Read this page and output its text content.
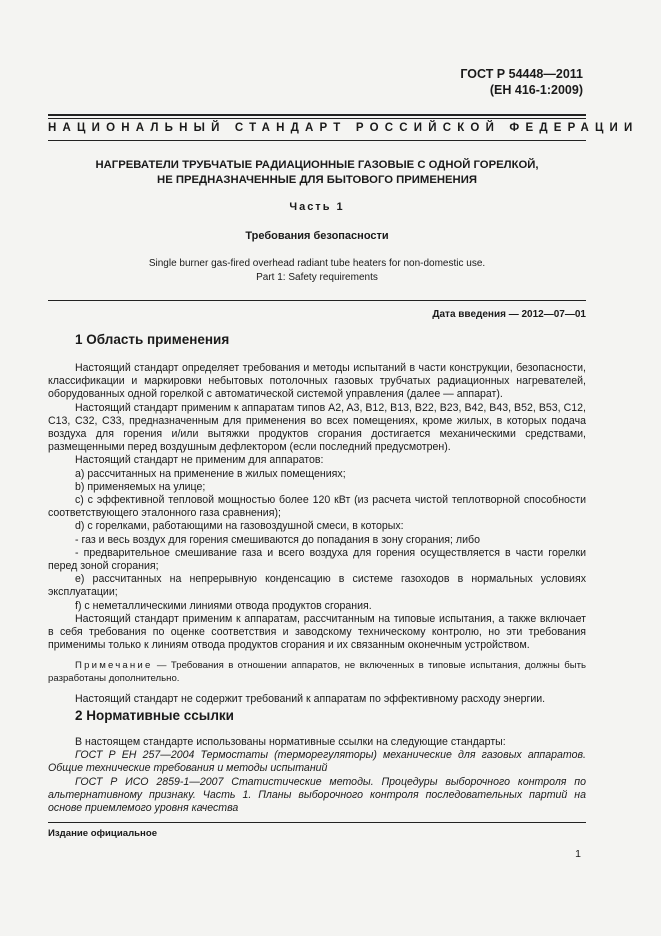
ГОСТ Р 54448—2011
(ЕН 416-1:2009)
НАЦИОНАЛЬНЫЙ СТАНДАРТ РОССИЙСКОЙ ФЕДЕРАЦИИ
НАГРЕВАТЕЛИ ТРУБЧАТЫЕ РАДИАЦИОННЫЕ ГАЗОВЫЕ С ОДНОЙ ГОРЕЛКОЙ,
НЕ ПРЕДНАЗНАЧЕННЫЕ ДЛЯ БЫТОВОГО ПРИМЕНЕНИЯ
Часть 1
Требования безопасности
Single burner gas-fired overhead radiant tube heaters for non-domestic use.
Part 1: Safety requirements
Дата введения — 2012—07—01
1 Область применения

Настоящий стандарт определяет требования и методы испытаний в части конструкции, безопасности, классификации и маркировки небытовых потолочных газовых трубчатых радиационных нагревателей, оборудованных одной горелкой с автоматической системой управления (далее — аппарат).

Настоящий стандарт применим к аппаратам типов A2, A3, B12, B13, B22, B23, B42, B43, B52, B53, C12, C13, C32, C33, предназначенным для применения во всех помещениях, кроме жилых, в которых подача воздуха для горения и/или вытяжки продуктов сгорания достигается механическими средствами, размещенными перед воздушным дефлектором (если последний предусмотрен).

Настоящий стандарт не применим для аппаратов:

a) рассчитанных на применение в жилых помещениях;

b) применяемых на улице;

c) с эффективной тепловой мощностью более 120 кВт (из расчета чистой теплотворной способности соответствующего эталонного газа сравнения);

d) с горелками, работающими на газовоздушной смеси, в которых:

- газ и весь воздух для горения смешиваются до попадания в зону сгорания; либо

- предварительное смешивание газа и всего воздуха для горения осуществляется в части горелки перед зоной сгорания;

e) рассчитанных на непрерывную конденсацию в системе газоходов в нормальных условиях эксплуатации;

f) с неметаллическими линиями отвода продуктов сгорания.

Настоящий стандарт применим к аппаратам, рассчитанным на типовые испытания, а также включает в себя требования по оценке соответствия и заводскому техническому контролю, но эти требования применимы только к линиям отвода продуктов сгорания и их связанным оконечным устройством.

Примечание — Требования в отношении аппаратов, не включенных в типовые испытания, должны быть разработаны дополнительно.

Настоящий стандарт не содержит требований к аппаратам по эффективному расходу энергии.

2 Нормативные ссылки

В настоящем стандарте использованы нормативные ссылки на следующие стандарты:

ГОСТ Р ЕН 257—2004 Термостаты (терморегуляторы) механические для газовых аппаратов. Общие технические требования и методы испытаний

ГОСТ Р ИСО 2859-1—2007 Статистические методы. Процедуры выборочного контроля по альтернативному признаку. Часть 1. Планы выборочного контроля последовательных партий на основе приемлемого уровня качества

Издание официальное
1
